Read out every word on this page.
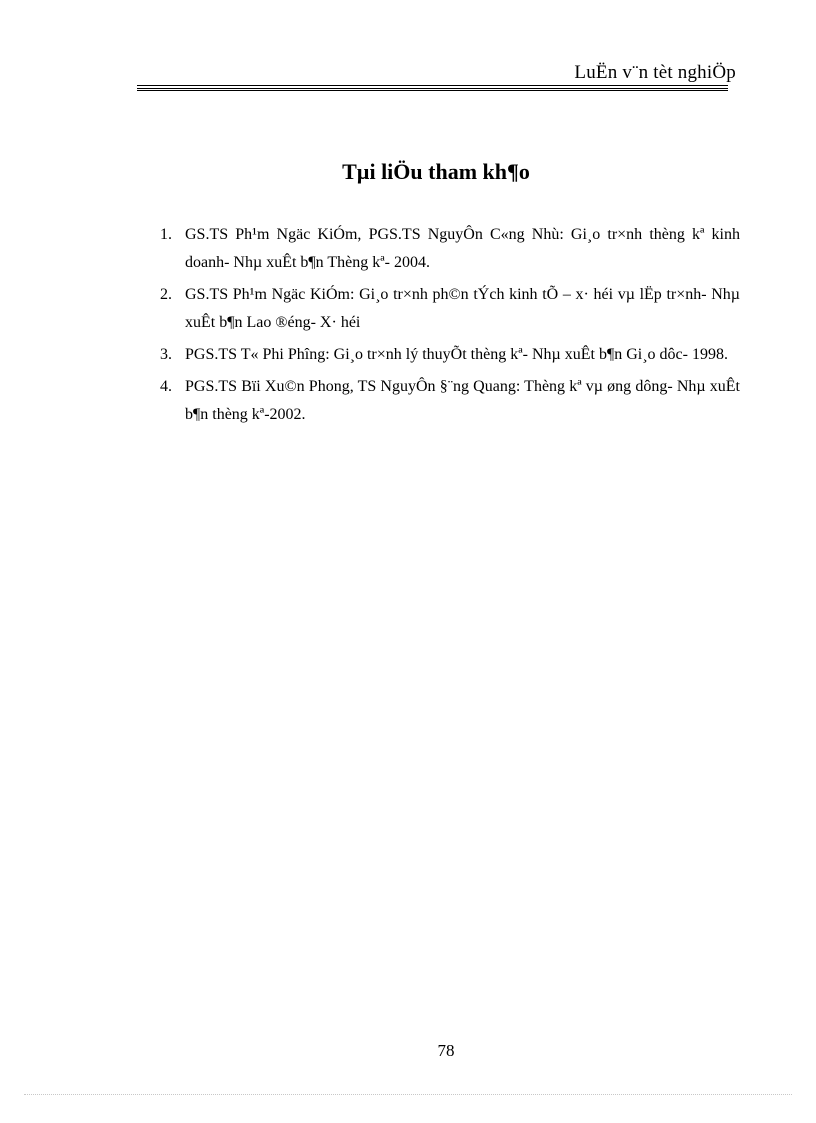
LuËn v¨n tèt nghiÖp
Tµi liÖu tham kh¶o
1. GS.TS Ph¹m Ngäc KiÓm, PGS.TS NguyÔn C«ng Nhù: Gi¸o tr×nh thèng kª kinh doanh- Nhµ xuÊt b¶n Thèng kª- 2004.
2. GS.TS Ph¹m Ngäc KiÓm: Gi¸o tr×nh ph©n tÝch kinh tÕ – x· héi vµ lËp tr×nh- Nhµ xuÊt b¶n Lao ®éng- X· héi
3. PGS.TS T« Phi Phîng: Gi¸o tr×nh lý thuyÕt thèng kª- Nhµ xuÊt b¶n Gi¸o dôc- 1998.
4. PGS.TS Bïi Xu©n Phong, TS NguyÔn §¨ng Quang: Thèng kª vµ øng dông- Nhµ xuÊt b¶n thèng kª-2002.
78
